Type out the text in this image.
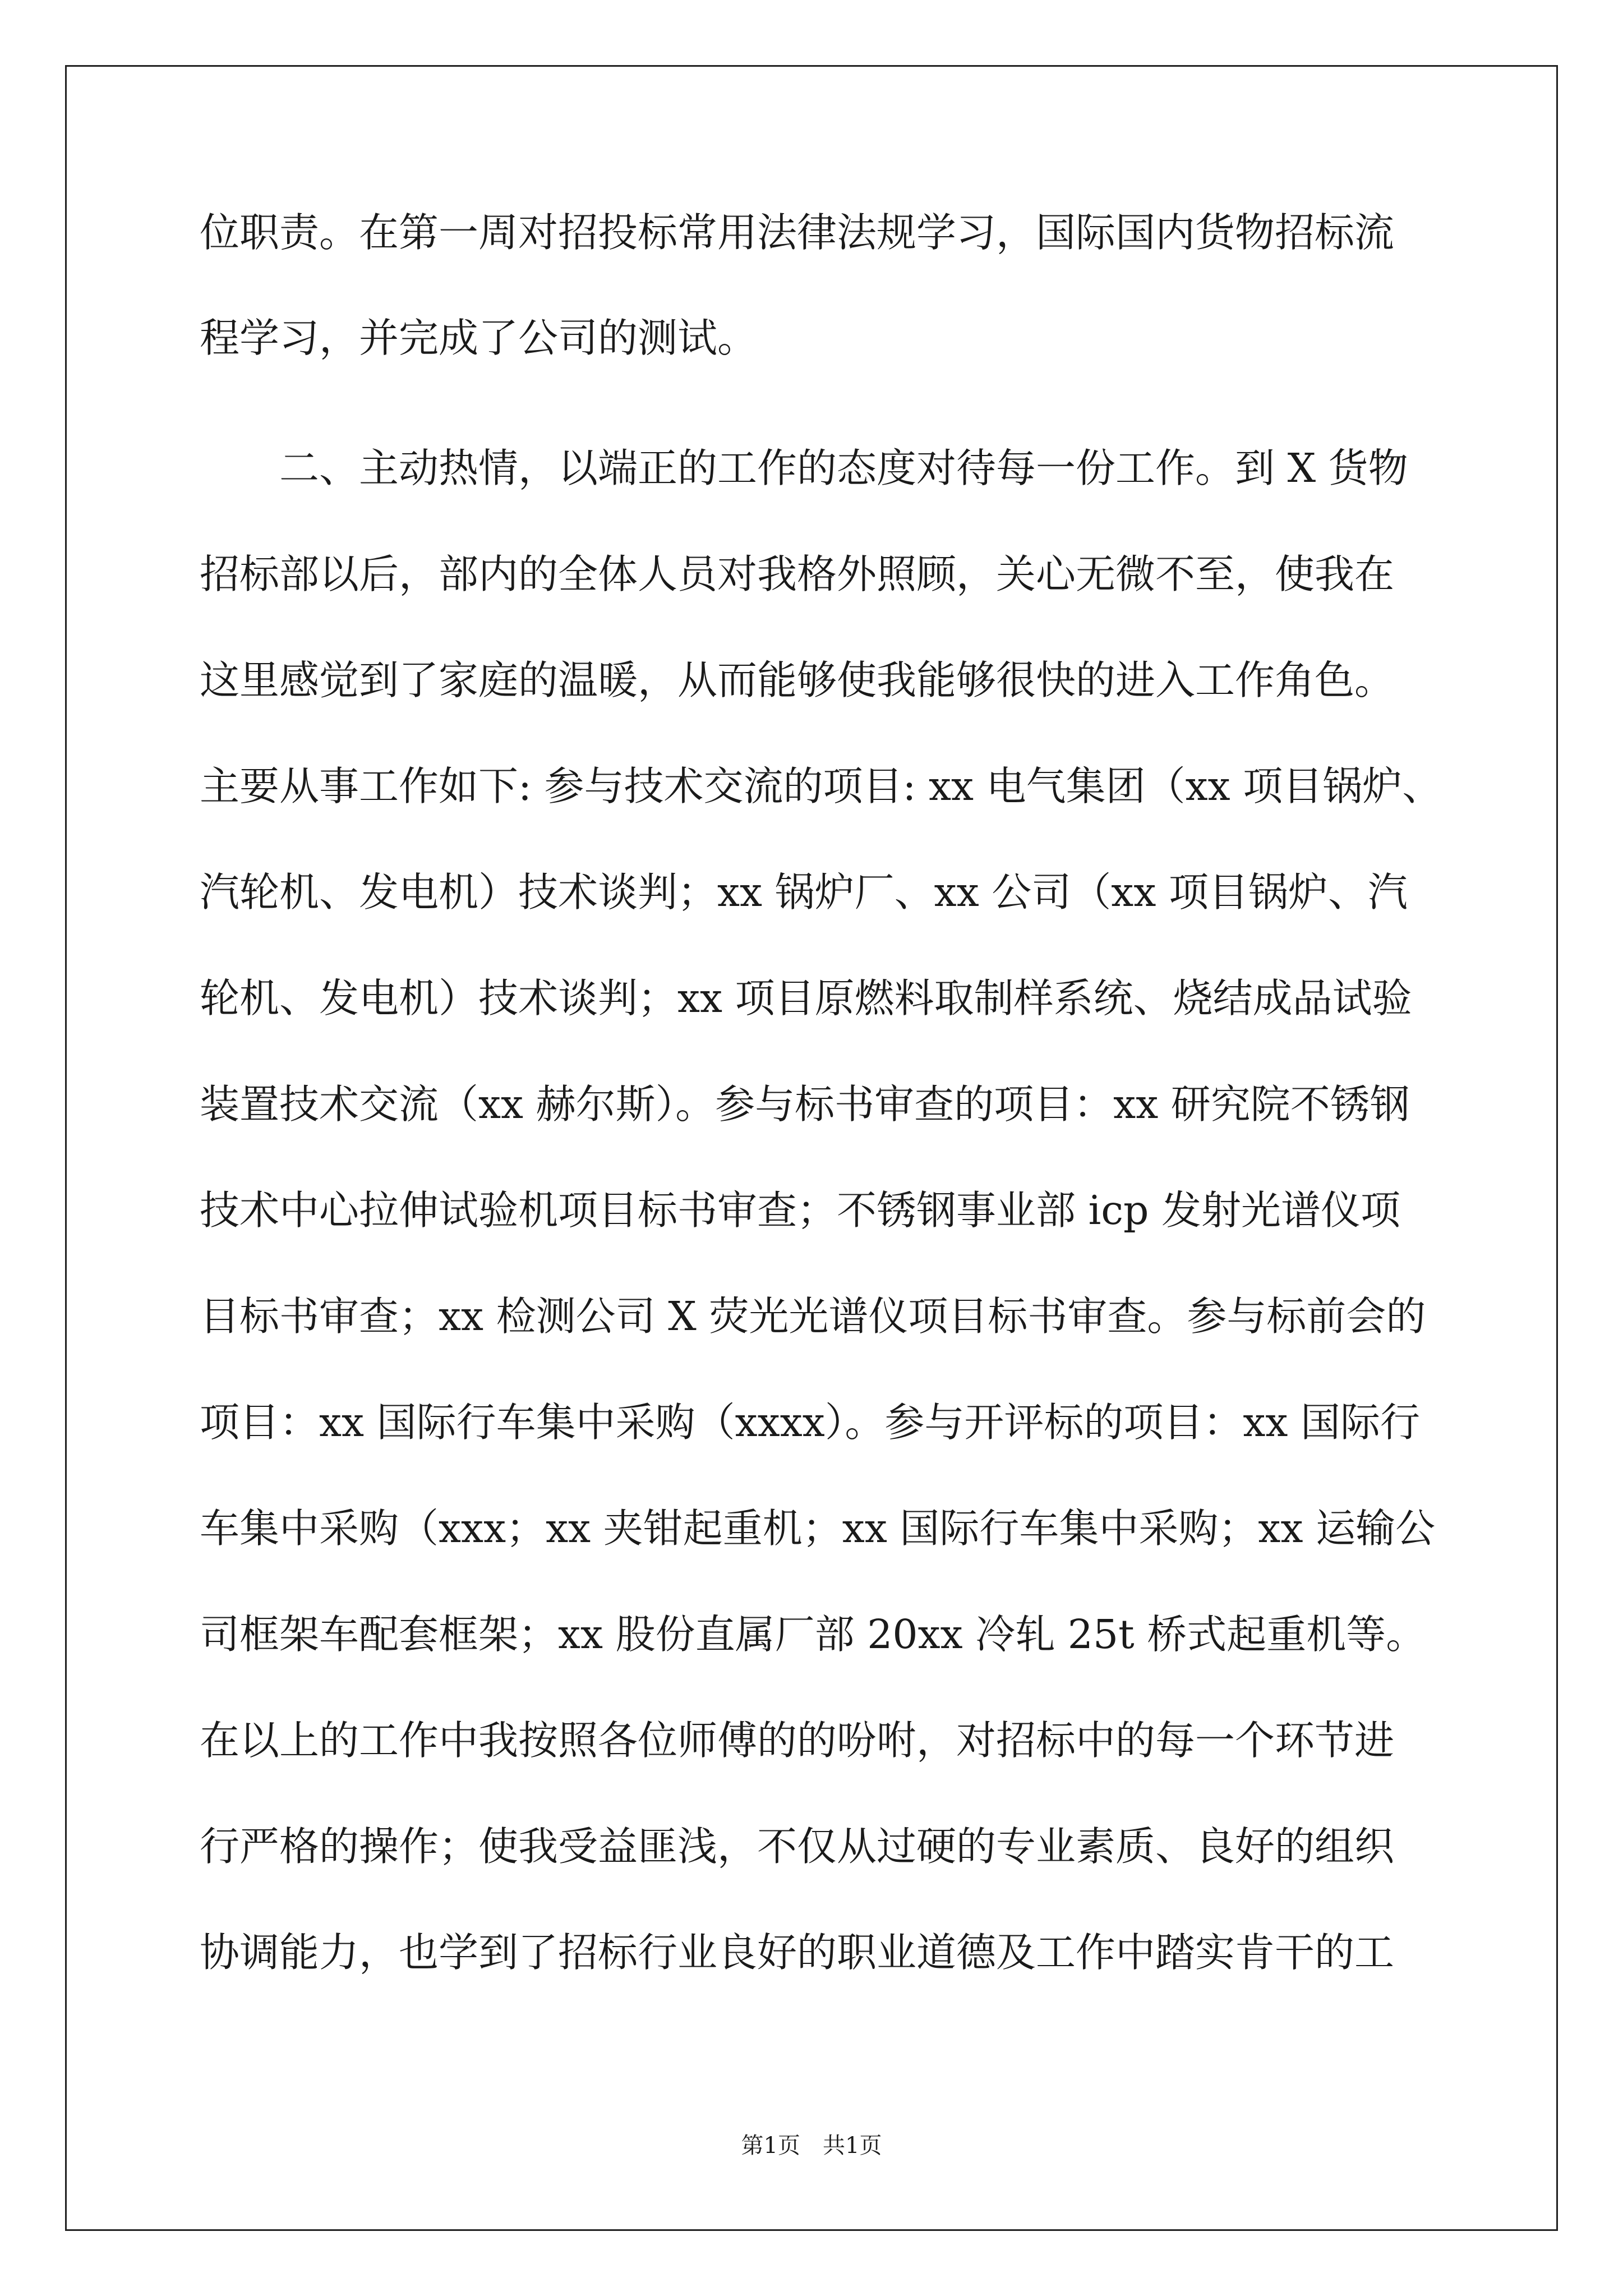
位职责。在第一周对招投标常用法律法规学习，国际国内货物招标流
程学习，并完成了公司的测试。
　　二、主动热情，以端正的工作的态度对待每一份工作。到 X 货物
招标部以后，部内的全体人员对我格外照顾，关心无微不至，使我在
这里感觉到了家庭的温暖，从而能够使我能够很快的进入工作角色。
主要从事工作如下: 参与技术交流的项目: xx 电气集团（xx 项目锅炉、
汽轮机、发电机）技术谈判；xx 锅炉厂、xx 公司（xx 项目锅炉、汽
轮机、发电机）技术谈判；xx 项目原燃料取制样系统、烧结成品试验
装置技术交流（xx 赫尔斯）。参与标书审查的项目：xx 研究院不锈钢
技术中心拉伸试验机项目标书审查；不锈钢事业部 icp 发射光谱仪项
目标书审查；xx 检测公司 X 荧光光谱仪项目标书审查。参与标前会的
项目：xx 国际行车集中采购（xxxx）。参与开评标的项目：xx 国际行
车集中采购（xxx；xx 夹钳起重机；xx 国际行车集中采购；xx 运输公
司框架车配套框架；xx 股份直属厂部 20xx 冷轧 25t 桥式起重机等。
在以上的工作中我按照各位师傅的的吩咐，对招标中的每一个环节进
行严格的操作；使我受益匪浅，不仅从过硬的专业素质、良好的组织
协调能力，也学到了招标行业良好的职业道德及工作中踏实肯干的工
第1页　共1页
